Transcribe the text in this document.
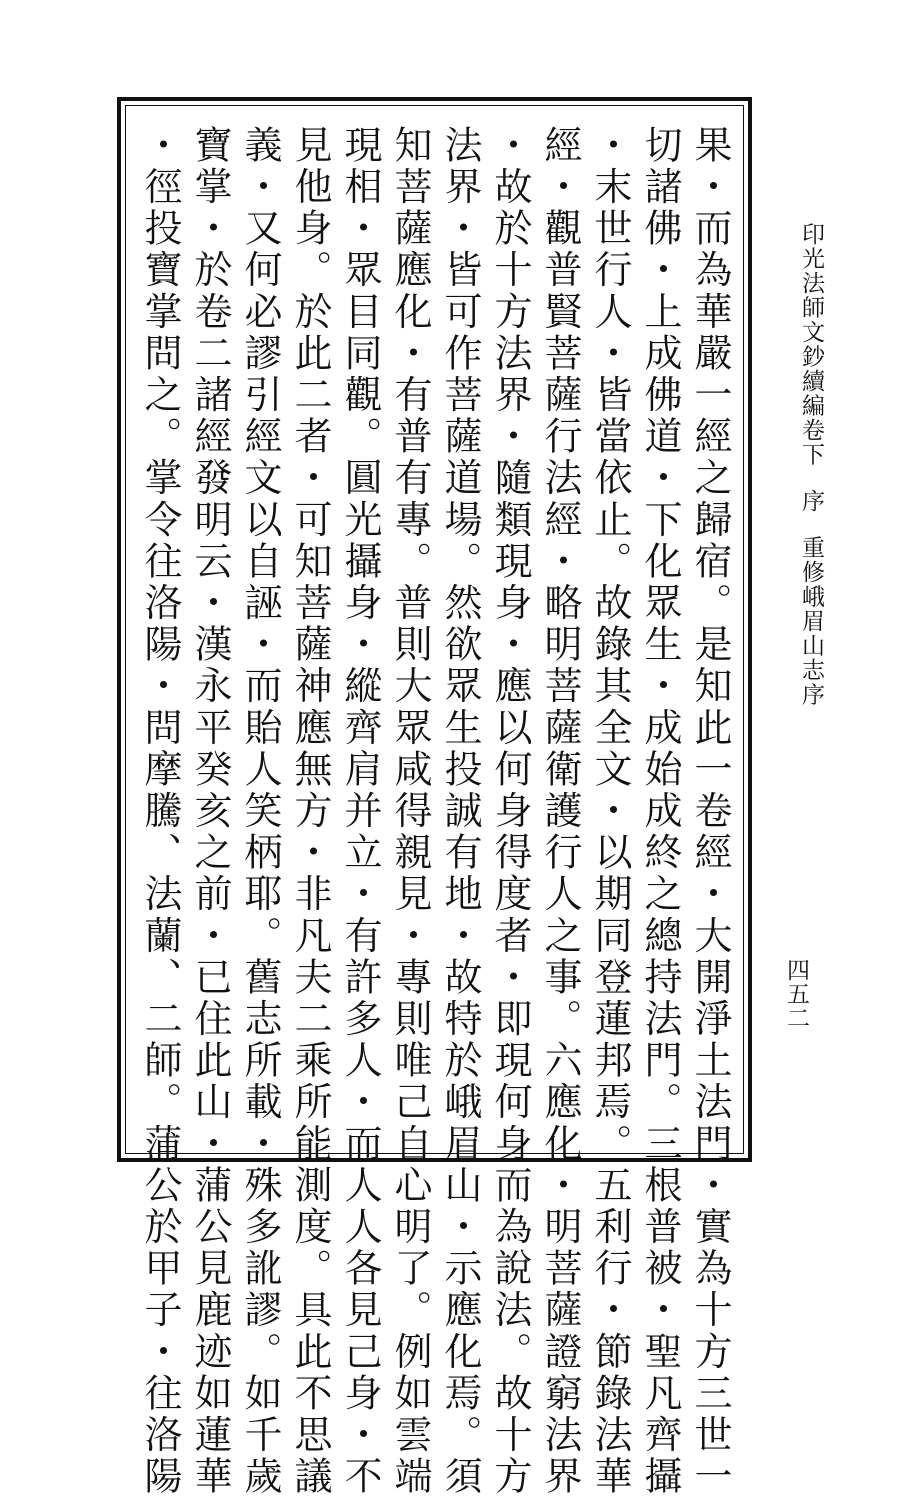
果・而為華嚴一經之歸宿。是知此一卷經・大開淨土法門・實為十方三世一
切諸佛・上成佛道・下化眾生・成始成終之總持法門。三根普被・聖凡齊攝
・末世行人・皆當依止。故錄其全文・以期同登蓮邦焉。五利行・節錄法華
經・觀普賢菩薩行法經・略明菩薩衛護行人之事。六應化・明菩薩證窮法界
・故於十方法界・隨類現身・應以何身得度者・即現何身而為說法。故十方
法界・皆可作菩薩道場。然欲眾生投誠有地・故特於峨眉山・示應化焉。須
知菩薩應化・有普有專。普則大眾咸得親見・專則唯己自心明了。例如雲端
現相・眾目同觀。圓光攝身・縱齊肩并立・有許多人・而人人各見己身・不
見他身。於此二者・可知菩薩神應無方・非凡夫二乘所能測度。具此不思議
義・又何必謬引經文以自誣・而貽人笑柄耶。舊志所載・殊多訛謬。如千歲
寶掌・於卷二諸經發明云・漢永平癸亥之前・已住此山・蒲公見鹿迹如蓮華
・徑投寶掌問之。掌令往洛陽・問摩騰、法蘭、二師。蒲公於甲子・往洛陽	印光法師文鈔續編卷下序重修峨眉山志序
四五二
